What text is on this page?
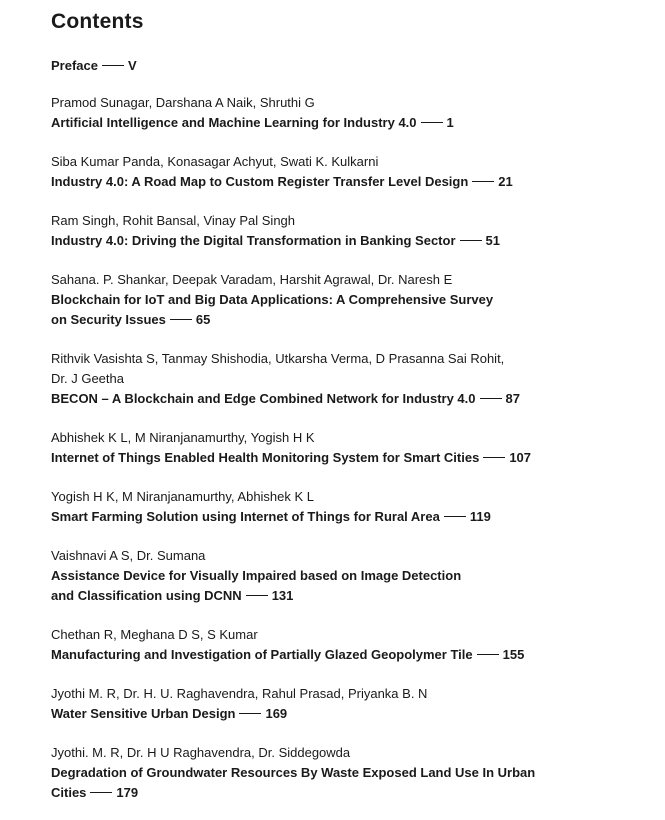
Contents
Preface V
Pramod Sunagar, Darshana A Naik, Shruthi G
Artificial Intelligence and Machine Learning for Industry 4.0 1
Siba Kumar Panda, Konasagar Achyut, Swati K. Kulkarni
Industry 4.0: A Road Map to Custom Register Transfer Level Design 21
Ram Singh, Rohit Bansal, Vinay Pal Singh
Industry 4.0: Driving the Digital Transformation in Banking Sector 51
Sahana. P. Shankar, Deepak Varadam, Harshit Agrawal, Dr. Naresh E
Blockchain for IoT and Big Data Applications: A Comprehensive Survey
on Security Issues 65
Rithvik Vasishta S, Tanmay Shishodia, Utkarsha Verma, D Prasanna Sai Rohit,
Dr. J Geetha
BECON – A Blockchain and Edge Combined Network for Industry 4.0 87
Abhishek K L, M Niranjanamurthy, Yogish H K
Internet of Things Enabled Health Monitoring System for Smart Cities 107
Yogish H K, M Niranjanamurthy, Abhishek K L
Smart Farming Solution using Internet of Things for Rural Area 119
Vaishnavi A S, Dr. Sumana
Assistance Device for Visually Impaired based on Image Detection
and Classification using DCNN 131
Chethan R, Meghana D S, S Kumar
Manufacturing and Investigation of Partially Glazed Geopolymer Tile 155
Jyothi M. R, Dr. H. U. Raghavendra, Rahul Prasad, Priyanka B. N
Water Sensitive Urban Design 169
Jyothi. M. R, Dr. H U Raghavendra, Dr. Siddegowda
Degradation of Groundwater Resources By Waste Exposed Land Use In Urban
Cities 179
